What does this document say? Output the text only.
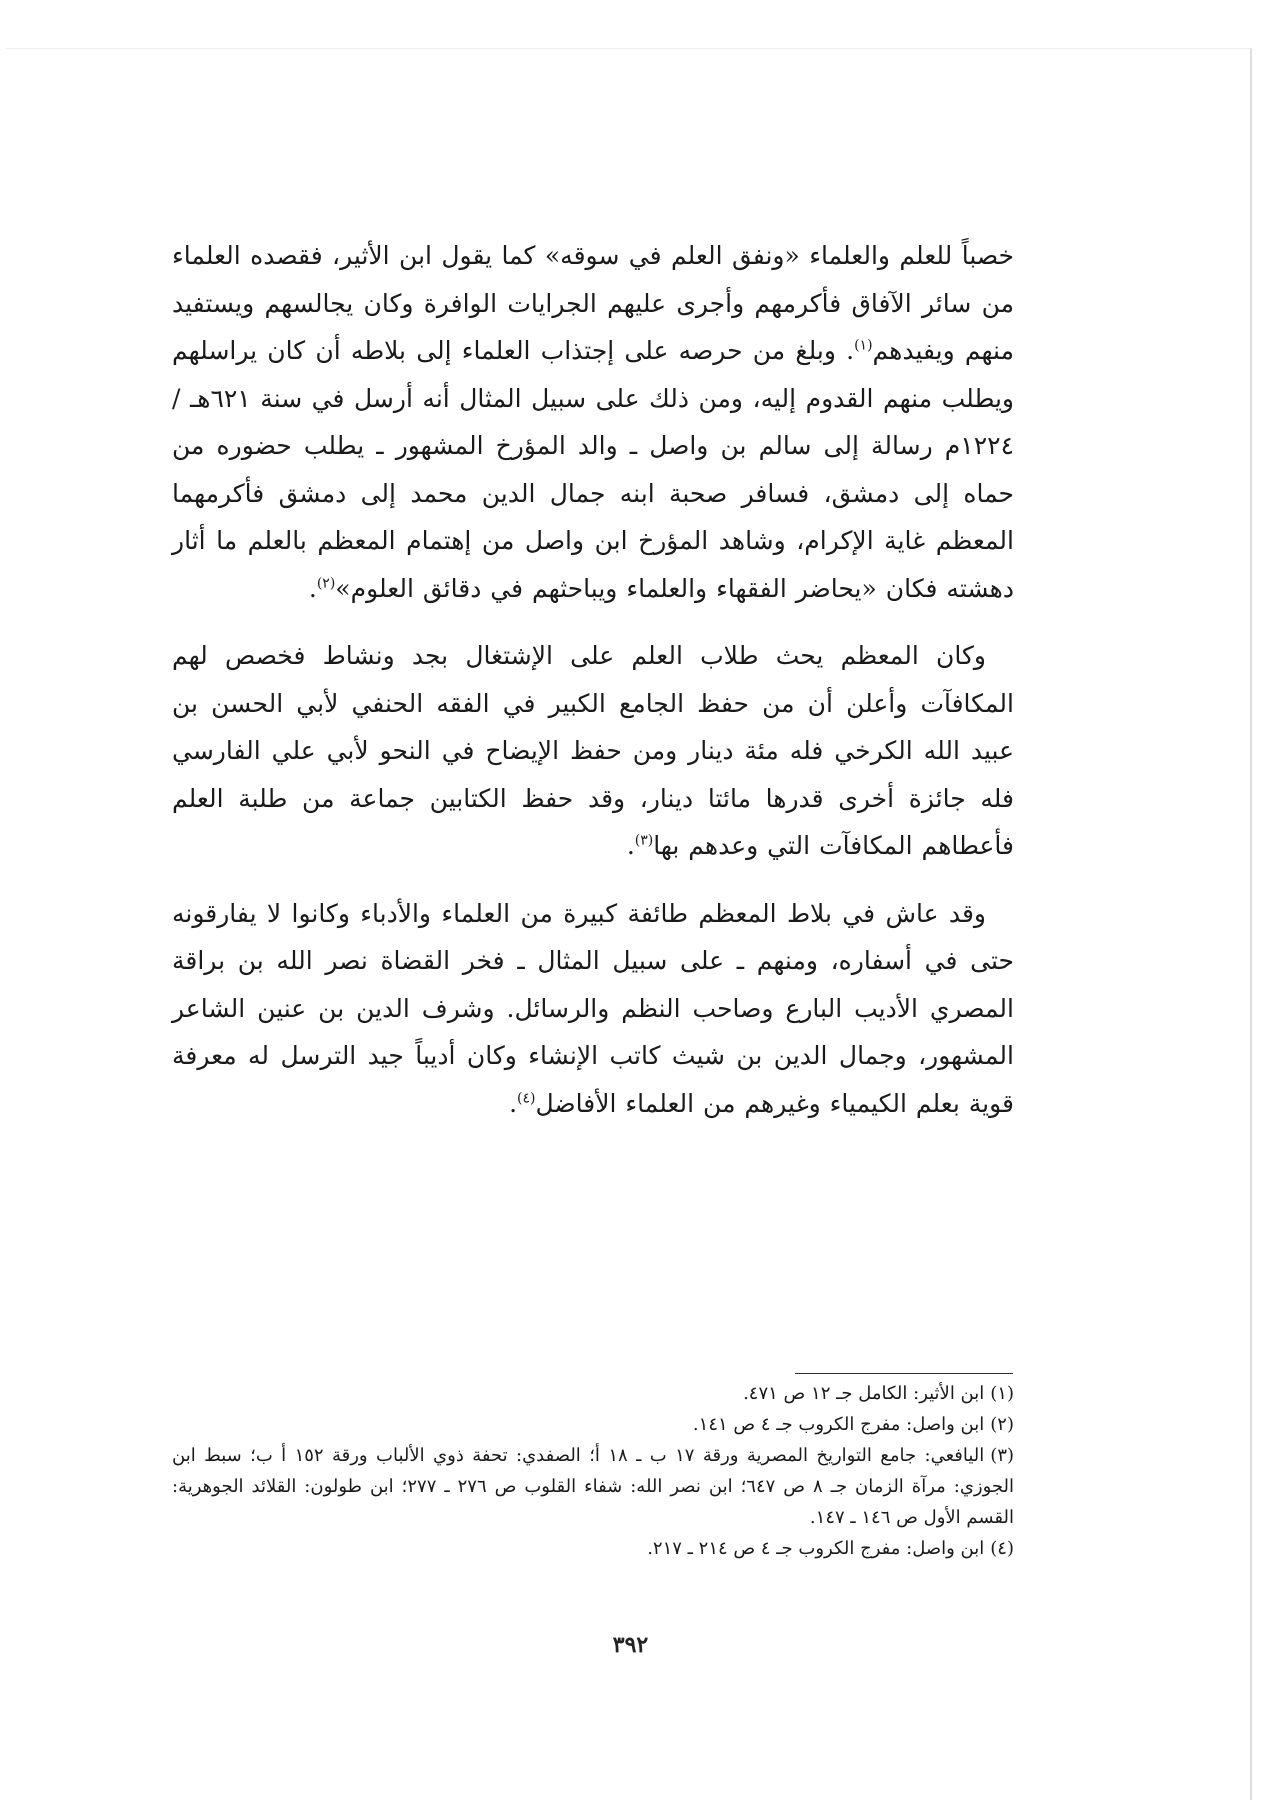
خصباً للعلم والعلماء «ونفق العلم في سوقه» كما يقول ابن الأثير، فقصده العلماء من سائر الآفاق فأكرمهم وأجرى عليهم الجرايات الوافرة وكان يجالسهم ويستفيد منهم ويفيدهم$^{(١)}$. وبلغ من حرصه على إجتذاب العلماء إلى بلاطه أن كان يراسلهم ويطلب منهم القدوم إليه، ومن ذلك على سبيل المثال أنه أرسل في سنة ٦٢١هـ / ١٢٢٤م رسالة إلى سالم بن واصل ـ والد المؤرخ المشهور ـ يطلب حضوره من حماه إلى دمشق، فسافر صحبة ابنه جمال الدين محمد إلى دمشق فأكرمهما المعظم غاية الإكرام، وشاهد المؤرخ ابن واصل من إهتمام المعظم بالعلم ما أثار دهشته فكان «يحاضر الفقهاء والعلماء ويباحثهم في دقائق العلوم»$^{(٢)}$.

وكان المعظم يحث طلاب العلم على الإشتغال بجد ونشاط فخصص لهم المكافآت وأعلن أن من حفظ الجامع الكبير في الفقه الحنفي لأبي الحسن بن عبيد الله الكرخي فله مئة دينار ومن حفظ الإيضاح في النحو لأبي علي الفارسي فله جائزة أخرى قدرها مائتا دينار، وقد حفظ الكتابين جماعة من طلبة العلم فأعطاهم المكافآت التي وعدهم بها$^{(٣)}$.

وقد عاش في بلاط المعظم طائفة كبيرة من العلماء والأدباء وكانوا لا يفارقونه حتى في أسفاره، ومنهم ـ على سبيل المثال ـ فخر القضاة نصر الله بن براقة المصري الأديب البارع وصاحب النظم والرسائل. وشرف الدين بن عنين الشاعر المشهور، وجمال الدين بن شيث كاتب الإنشاء وكان أديباً جيد الترسل له معرفة قوية بعلم الكيمياء وغيرهم من العلماء الأفاضل$^{(٤)}$.

(١)ابن الأثير: الكامل جـ ١٢ ص ٤٧١.

(٢)ابن واصل: مفرج الكروب جـ ٤ ص ١٤١.

(٣)اليافعي: جامع التواريخ المصرية ورقة ١٧ ب ـ ١٨ أ؛ الصفدي: تحفة ذوي الألباب ورقة ١٥٢ أ ب؛ سبط ابن الجوزي: مرآة الزمان جـ ٨ ص ٦٤٧؛ ابن نصر الله: شفاء القلوب ص ٢٧٦ ـ ٢٧٧؛ ابن طولون: القلائد الجوهرية: القسم الأول ص ١٤٦ ـ ١٤٧.

(٤)ابن واصل: مفرج الكروب جـ ٤ ص ٢١٤ ـ ٢١٧.

٣٩٢
